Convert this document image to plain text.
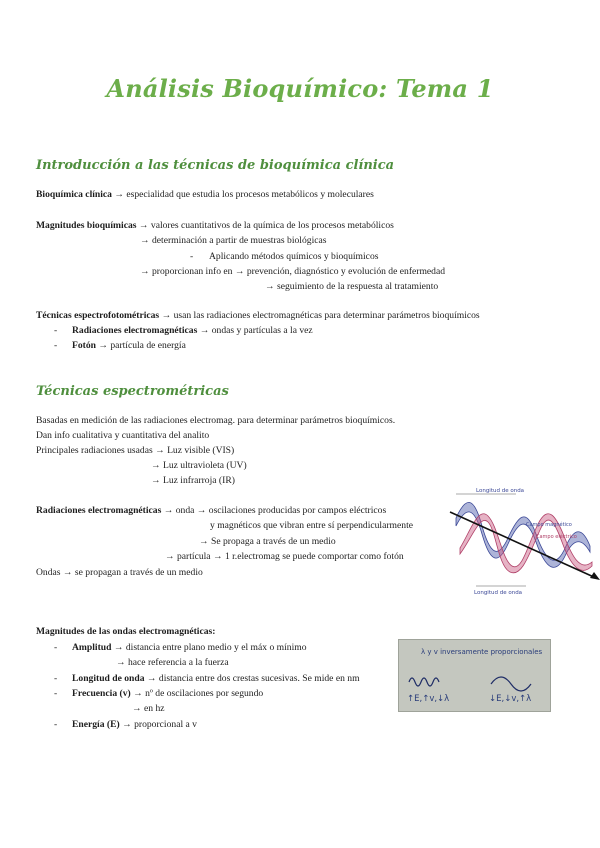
Análisis Bioquímico: Tema 1
Introducción a las técnicas de bioquímica clínica
Bioquímica clínica → especialidad que estudia los procesos metabólicos y moleculares
Magnitudes bioquímicas → valores cuantitativos de la química de los procesos metabólicos
→ determinación a partir de muestras biológicas
- Aplicando métodos químicos y bioquímicos
→ proporcionan info en → prevención, diagnóstico y evolución de enfermedad
→ seguimiento de la respuesta al tratamiento
Técnicas espectrofotométricas → usan las radiaciones electromagnéticas para determinar parámetros bioquímicos
- Radiaciones electromagnéticas → ondas y partículas a la vez
- Fotón → partícula de energía
Técnicas espectrométricas
Basadas en medición de las radiaciones electromag. para determinar parámetros bioquímicos.
Dan info cualitativa y cuantitativa del analito
Principales radiaciones usadas → Luz visible (VIS)
→ Luz ultravioleta (UV)
→ Luz infrarroja (IR)
Radiaciones electromagnéticas → onda → oscilaciones producidas por campos eléctricos
y magnéticos que vibran entre sí perpendicularmente
→ Se propaga a través de un medio
→ partícula → 1 r.electromag se puede comportar como fotón
Ondas → se propagan a través de un medio
Longitud de onda
Campo magnético
Campo eléctrico
Longitud de onda
Magnitudes de las ondas electromagnéticas:
- Amplitud → distancia entre plano medio y el máx o mínimo
→ hace referencia a la fuerza
- Longitud de onda → distancia entre dos crestas sucesivas. Se mide en nm
- Frecuencia (v) → nº de oscilaciones por segundo
→ en hz
- Energía (E) → proporcional a v
λ y v inversamente proporcionales
↑E,↑v,↓λ	↓E,↓v,↑λ
